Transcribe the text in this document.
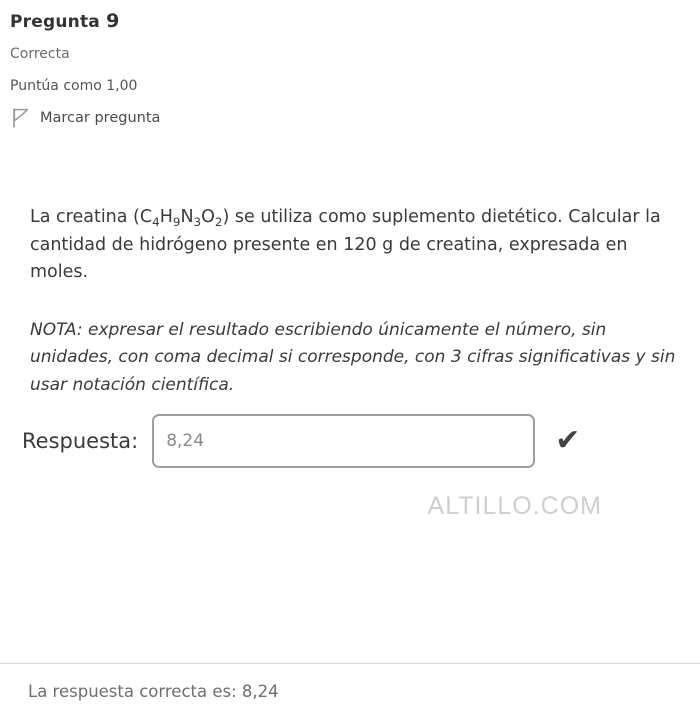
Pregunta 9
Correcta
Puntúa como 1,00
Marcar pregunta

La creatina $(C_4H_9N_3O_2)$ se utiliza como suplemento dietético. Calcular la cantidad de hidrógeno presente en 120 g de creatina, expresada en moles.

NOTA: expresar el resultado escribiendo únicamente el número, sin unidades, con coma decimal si corresponde, con 3 cifras significativas y sin usar notación científica.

ALTILLO.COM
Respuesta:
8,24	✔
La respuesta correcta es: 8,24
